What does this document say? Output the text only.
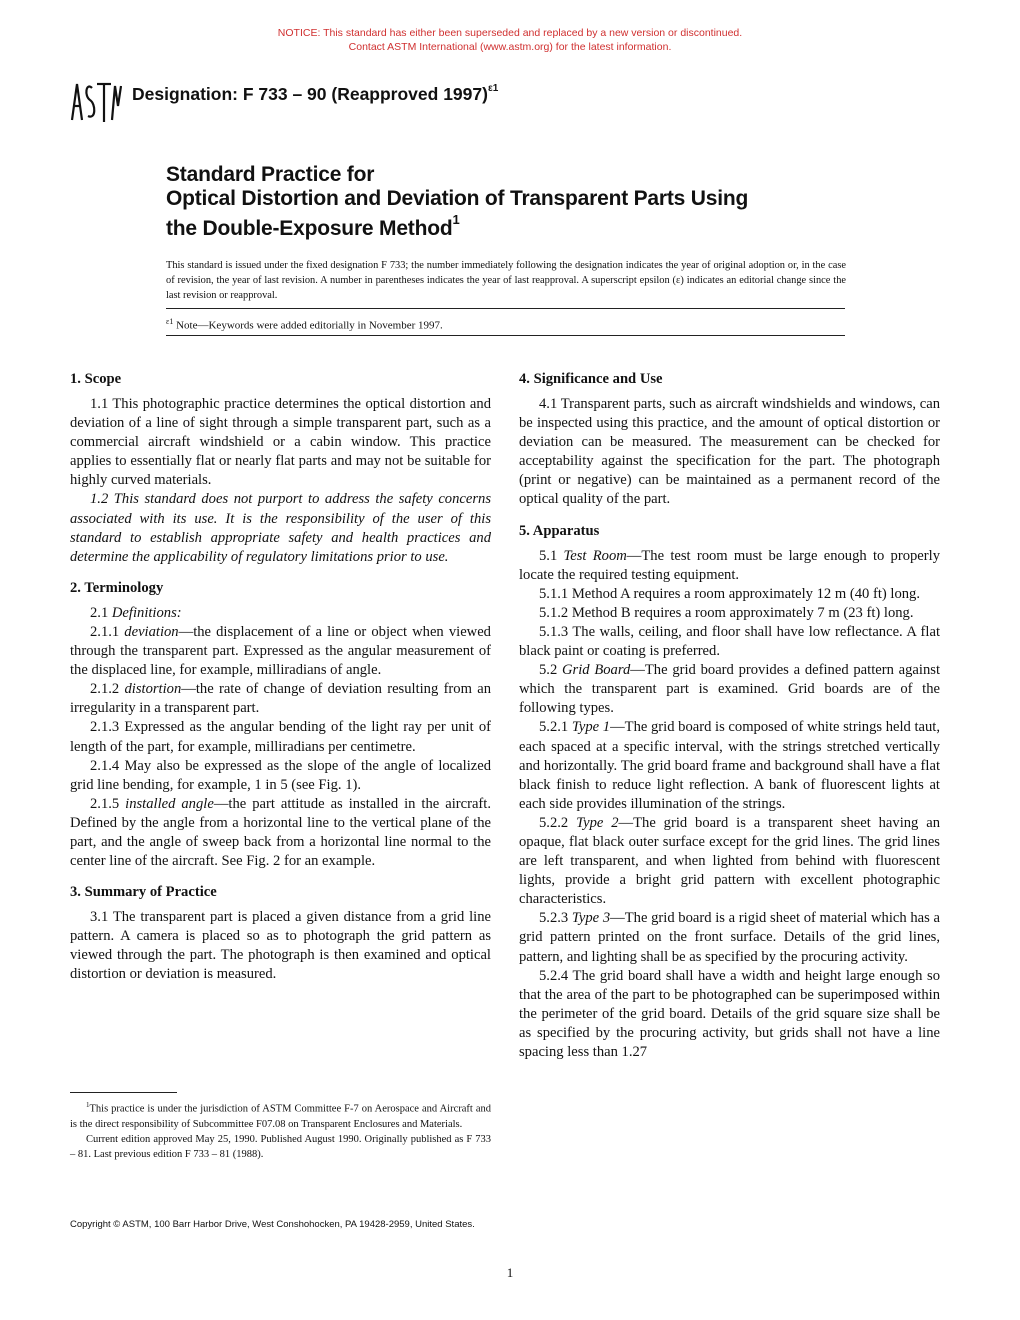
NOTICE: This standard has either been superseded and replaced by a new version or discontinued.
Contact ASTM International (www.astm.org) for the latest information.
ASTM
Designation: F 733 – 90 (Reapproved 1997)$^{\varepsilon 1}$
Standard Practice for
Optical Distortion and Deviation of Transparent Parts Using
the Double-Exposure Method$^1$
This standard is issued under the fixed designation F 733; the number immediately following the designation indicates the year of original adoption or, in the case of revision, the year of last revision. A number in parentheses indicates the year of last reapproval. A superscript epsilon (ε) indicates an editorial change since the last revision or reapproval.
$^{\varepsilon 1}$ Note—Keywords were added editorially in November 1997.
1. Scope

1.1 This photographic practice determines the optical distortion and deviation of a line of sight through a simple transparent part, such as a commercial aircraft windshield or a cabin window. This practice applies to essentially flat or nearly flat parts and may not be suitable for highly curved materials.

1.2 This standard does not purport to address the safety concerns associated with its use. It is the responsibility of the user of this standard to establish appropriate safety and health practices and determine the applicability of regulatory limitations prior to use.

2. Terminology

2.1 Definitions:

2.1.1 deviation—the displacement of a line or object when viewed through the transparent part. Expressed as the angular measurement of the displaced line, for example, milliradians of angle.

2.1.2 distortion—the rate of change of deviation resulting from an irregularity in a transparent part.

2.1.3 Expressed as the angular bending of the light ray per unit of length of the part, for example, milliradians per centimetre.

2.1.4 May also be expressed as the slope of the angle of localized grid line bending, for example, 1 in 5 (see Fig. 1).

2.1.5 installed angle—the part attitude as installed in the aircraft. Defined by the angle from a horizontal line to the vertical plane of the part, and the angle of sweep back from a horizontal line normal to the center line of the aircraft. See Fig. 2 for an example.

3. Summary of Practice

3.1 The transparent part is placed a given distance from a grid line pattern. A camera is placed so as to photograph the grid pattern as viewed through the part. The photograph is then examined and optical distortion or deviation is measured.

4. Significance and Use

4.1 Transparent parts, such as aircraft windshields and windows, can be inspected using this practice, and the amount of optical distortion or deviation can be measured. The measurement can be checked for acceptability against the specification for the part. The photograph (print or negative) can be maintained as a permanent record of the optical quality of the part.

5. Apparatus

5.1 Test Room—The test room must be large enough to properly locate the required testing equipment.

5.1.1 Method A requires a room approximately 12 m (40 ft) long.

5.1.2 Method B requires a room approximately 7 m (23 ft) long.

5.1.3 The walls, ceiling, and floor shall have low reflectance. A flat black paint or coating is preferred.

5.2 Grid Board—The grid board provides a defined pattern against which the transparent part is examined. Grid boards are of the following types.

5.2.1 Type 1—The grid board is composed of white strings held taut, each spaced at a specific interval, with the strings stretched vertically and horizontally. The grid board frame and background shall have a flat black finish to reduce light reflection. A bank of fluorescent lights at each side provides illumination of the strings.

5.2.2 Type 2—The grid board is a transparent sheet having an opaque, flat black outer surface except for the grid lines. The grid lines are left transparent, and when lighted from behind with fluorescent lights, provide a bright grid pattern with excellent photographic characteristics.

5.2.3 Type 3—The grid board is a rigid sheet of material which has a grid pattern printed on the front surface. Details of the grid lines, pattern, and lighting shall be as specified by the procuring activity.

5.2.4 The grid board shall have a width and height large enough so that the area of the part to be photographed can be superimposed within the perimeter of the grid board. Details of the grid square size shall be as specified by the procuring activity, but grids shall not have a line spacing less than 1.27

$^1$This practice is under the jurisdiction of ASTM Committee F-7 on Aerospace and Aircraft and is the direct responsibility of Subcommittee F07.08 on Transparent Enclosures and Materials.

Current edition approved May 25, 1990. Published August 1990. Originally published as F 733 – 81. Last previous edition F 733 – 81 (1988).

Copyright © ASTM, 100 Barr Harbor Drive, West Conshohocken, PA 19428-2959, United States.
1
